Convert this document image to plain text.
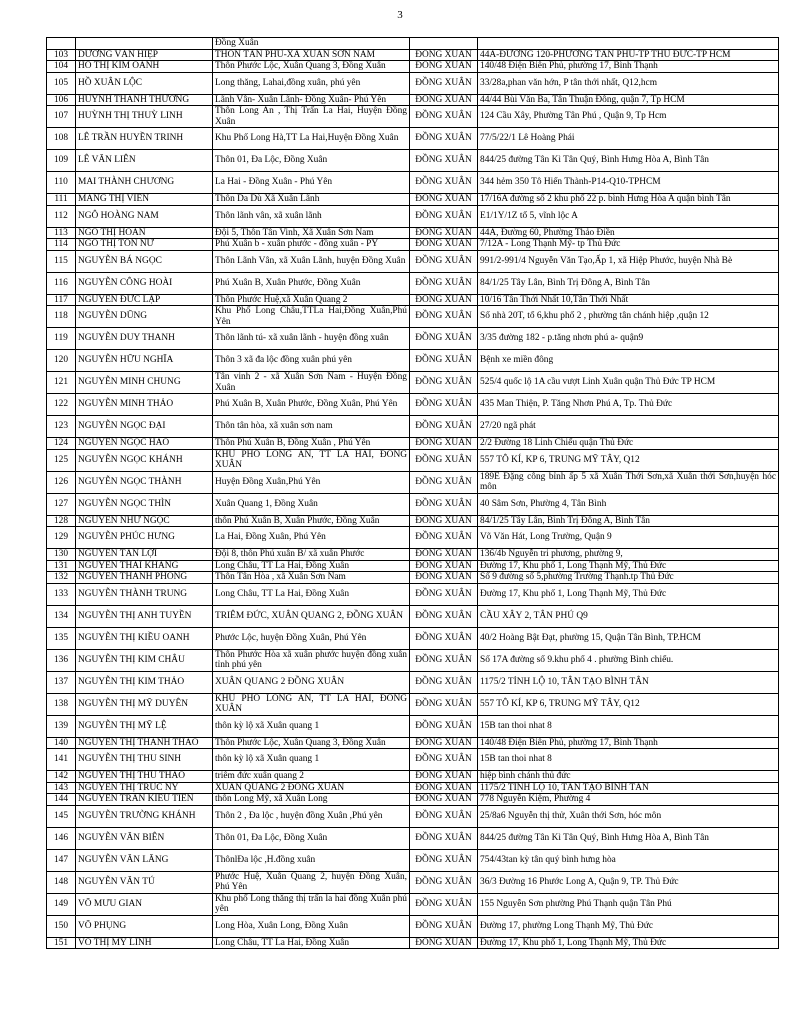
3
		Đồng Xuân		
103	DƯƠNG VĂN HIỆP	THÔN TÂN PHÚ-XÃ XUÂN SƠN NAM	ĐỒNG XUÂN	44A-ĐƯỜNG 120-PHƯỜNG TÂN PHÚ-TP THỦ ĐỨC-TP HCM
104	HỒ THỊ KIM OANH	Thôn Phước Lộc, Xuân Quang 3, Đồng Xuân	ĐỒNG XUÂN	140/48 Điện Biên Phủ, phường 17, Bình Thạnh
105	HỒ XUÂN LỘC	Long thăng, Lahai,đồng xuân, phú yên	ĐỒNG XUÂN	33/28a,phan văn hớn, P tân thới nhất, Q12,hcm
106	HUỲNH THANH THƯƠNG	Lãnh Vân- Xuân Lãnh- Đồng Xuân- Phú Yên	ĐỒNG XUÂN	44/44 Bùi Văn Ba, Tân Thuận Đông, quận 7, Tp HCM
107	HUỲNH THỊ THUỲ LINH	Thôn Long An , Thị Trấn La Hai, Huyện Đồng Xuân	ĐỒNG XUÂN	124 Cầu Xây, Phường Tân Phú , Quận 9, Tp Hcm
108	LÊ TRẦN HUYỀN TRINH	Khu Phố Long Hà,TT La Hai,Huyện Đồng Xuân	ĐỒNG XUÂN	77/5/22/1 Lê Hoàng Phái
109	LÊ VĂN LIÊN	Thôn 01, Đa Lộc, Đồng Xuân	ĐỒNG XUÂN	844/25 đường Tân Kì Tân Quý, Bình Hưng Hòa A, Bình Tân
110	MAI THÀNH CHƯƠNG	La Hai - Đồng Xuân - Phú Yên	ĐỒNG XUÂN	344 hẻm 350 Tô Hiến Thành-P14-Q10-TPHCM
111	MANG THỊ VIÊN	Thôn Da Dù Xã Xuân Lãnh	ĐỒNG XUÂN	17/16A đường số 2 khu phố 22 p. bình Hưng Hòa A quận bình Tân
112	NGÔ HOÀNG NAM	Thôn lãnh vân, xã xuân lãnh	ĐỒNG XUÂN	E1/1Y/1Z tổ 5, vĩnh lộc A
113	NGÔ THỊ HOÀN	Đội 5, Thôn Tân Vinh, Xã Xuân Sơn Nam	ĐỒNG XUÂN	44A, Đường 60, Phường Thảo Điền
114	NGÔ THỊ TỐN NỮ	Phú Xuân b - xuân phước - đồng xuân - PY	ĐỒNG XUÂN	7/12A - Long Thạnh Mỹ- tp Thủ Đức
115	NGUYỄN BÁ NGỌC	Thôn Lãnh Vân, xã Xuân Lãnh, huyện Đồng Xuân	ĐỒNG XUÂN	991/2-991/4 Nguyễn Văn Tạo,Ấp 1, xã Hiệp Phước, huyện Nhà Bè
116	NGUYỄN CÔNG HOÀI	Phú Xuân B, Xuân Phước, Đồng Xuân	ĐỒNG XUÂN	84/1/25 Tây Lân, Bình Trị Đông A, Bình Tân
117	NGUYỄN ĐỨC LẬP	Thôn Phước Huệ,xã Xuân Quang 2	ĐỒNG XUÂN	10/16 Tân Thới Nhất 10,Tân Thới Nhất
118	NGUYỄN DŨNG	Khu Phố Long Châu,TTLa Hai,Đồng Xuân,Phú Yên	ĐỒNG XUÂN	Số nhà 20T, tổ 6,khu phố 2 , phường tân chánh hiệp ,quận 12
119	NGUYỄN DUY THANH	Thôn lãnh tú- xã xuân lãnh - huyện đồng xuân	ĐỒNG XUÂN	3/35 đường 182 - p.tăng nhơn phú a- quận9
120	NGUYỄN HỮU NGHĨA	Thôn 3 xã đa lộc đồng xuân phú yên	ĐỒNG XUÂN	Bệnh xe miền đông
121	NGUYỄN MINH CHUNG	Tân vinh 2 - xã Xuân Sơn Nam - Huyện Đồng Xuân	ĐỒNG XUÂN	525/4 quốc lộ 1A cầu vượt Linh Xuân quận Thủ Đức TP HCM
122	NGUYỄN MINH THẢO	Phú Xuân B, Xuân Phước, Đồng Xuân, Phú Yên	ĐỒNG XUÂN	435 Man Thiện, P. Tăng Nhơn Phú A, Tp. Thủ Đức
123	NGUYỄN NGỌC ĐẠI	Thôn tân hòa, xã xuân sơn nam	ĐỒNG XUÂN	27/20 ngã phát
124	NGUYỄN NGỌC HẢO	Thôn Phú Xuân B, Đồng Xuân , Phú Yên	ĐỒNG XUÂN	2/2 Đường 18 Linh Chiểu quận Thủ Đức
125	NGUYỄN NGỌC KHÁNH	KHU PHỐ LONG AN, TT LA HAI, ĐỒNG XUÂN	ĐỒNG XUÂN	557 TÔ KÍ, KP 6, TRUNG MỸ TÂY, Q12
126	NGUYỄN NGỌC THÀNH	Huyện Đồng Xuân,Phú Yên	ĐỒNG XUÂN	189E Đặng công bỉnh ấp 5 xã Xuân Thới Sơn,xã Xuân thới Sơn,huyện hóc môn
127	NGUYỄN NGỌC THÌN	Xuân Quang 1, Đồng Xuân	ĐỒNG XUÂN	40 Sâm Sơn, Phường 4, Tân Bình
128	NGUYỄN NHƯ NGỌC	thôn Phú Xuân B, Xuân Phước, Đồng Xuân	ĐỒNG XUÂN	84/1/25 Tây Lân, Bình Trị Đông A, Bình Tân
129	NGUYỄN PHÚC HƯNG	La Hai, Đồng Xuân, Phú Yên	ĐỒNG XUÂN	Võ Văn Hát, Long Trường, Quận 9
130	NGUYỄN TẤN LỢI	Đội 8, thôn Phú xuân B/ xã xuân Phước	ĐỒNG XUÂN	136/4b Nguyễn tri phương, phường 9,
131	NGUYỄN THÁI KHANG	Long Châu, TT La Hai, Đồng Xuân	ĐỒNG XUÂN	Đường 17, Khu phố 1, Long Thạnh Mỹ, Thủ Đức
132	NGUYỄN THÀNH PHONG	Thôn Tân Hòa , xã Xuân Sơn Nam	ĐỒNG XUÂN	Số 9 đường số 5,phường Trường Thạnh.tp Thủ Đức
133	NGUYỄN THÀNH TRUNG	Long Châu, TT La Hai, Đồng Xuân	ĐỒNG XUÂN	Đường 17, Khu phố 1, Long Thạnh Mỹ, Thủ Đức
134	NGUYỄN THỊ ANH TUYỀN	TRIÊM ĐỨC, XUÂN QUANG 2, ĐỒNG XUÂN	ĐỒNG XUÂN	CẦU XÂY 2, TÂN PHÚ Q9
135	NGUYỄN THỊ KIỀU OANH	Phước Lộc, huyện Đồng Xuân, Phú Yên	ĐỒNG XUÂN	40/2 Hoàng Bật Đạt, phường 15, Quận Tân Bình, TP.HCM
136	NGUYỄN THỊ KIM CHÂU	Thôn Phước Hòa xã xuân phước huyện đồng xuân tỉnh phú yên	ĐỒNG XUÂN	Số 17A đường số 9.khu phố 4 . phường Bình chiểu.
137	NGUYỄN THỊ KIM THẢO	XUÂN QUANG 2 ĐỒNG XUÂN	ĐỒNG XUÂN	1175/2 TỈNH LỘ 10, TÂN TẠO BÌNH TÂN
138	NGUYỄN THỊ MỸ DUYÊN	KHU PHỐ LONG AN, TT LA HAI, ĐỒNG XUÂN	ĐỒNG XUÂN	557 TÔ KÍ, KP 6, TRUNG MỸ TÂY, Q12
139	NGUYỄN THỊ MỸ LỆ	thôn kỳ lộ xã Xuân quang 1	ĐỒNG XUÂN	15B tan thoi nhat 8
140	NGUYỄN THỊ THANH THẢO	Thôn Phước Lộc, Xuân Quang 3, Đồng Xuân	ĐỒNG XUÂN	140/48 Điện Biên Phủ, phường 17, Bình Thạnh
141	NGUYỄN THỊ THU SINH	thôn kỳ lộ xã Xuân quang 1	ĐỒNG XUÂN	15B tan thoi nhat 8
142	NGUYỄN THỊ THU THẢO	triêm đức xuân quang 2	ĐỒNG XUÂN	hiệp bình chánh thủ đức
143	NGUYỄN THỊ TRÚC NY	XUÂN QUANG 2 ĐỒNG XUÂN	ĐỒNG XUÂN	1175/2 TỈNH LỘ 10, TÂN TẠO BÌNH TÂN
144	NGUYỄN TRẦN KIỀU TIÊN	thôn Long Mỹ, xã Xuân Long	ĐỒNG XUÂN	778 Nguyễn Kiệm, Phường 4
145	NGUYỄN TRƯỜNG KHÁNH	Thôn 2 , Đa lộc , huyện đồng Xuân ,Phú yên	ĐỒNG XUÂN	25/8a6 Nguyễn thị thử, Xuân thới Sơn, hóc môn
146	NGUYỄN VĂN BIÊN	Thôn 01, Đa Lộc, Đồng Xuân	ĐỒNG XUÂN	844/25 đường Tân Kì Tân Quý, Bình Hưng Hòa A, Bình Tân
147	NGUYỄN VĂN LĂNG	ThônlĐa lộc ,H.đồng xuân	ĐỒNG XUÂN	754/43tan kỳ tân quý bình hưng hòa
148	NGUYỄN VĂN TÚ	Phước Huệ, Xuân Quang 2, huyện Đồng Xuân, Phú Yên	ĐỒNG XUÂN	36/3 Đường 16 Phước Long A, Quận 9, TP. Thủ Đức
149	VÕ MƯU GIAN	Khu phố Long thăng thị trấn la hai đồng Xuân phú yên	ĐỒNG XUÂN	155 Nguyễn Sơn phường Phú Thạnh quận Tân Phú
150	VÕ PHỤNG	Long Hòa, Xuân Long, Đồng Xuân	ĐỒNG XUÂN	Đường 17, phường Long Thạnh Mỹ, Thủ Đức
151	VÕ THỊ MỸ LINH	Long Châu, TT La Hai, Đồng Xuân	ĐỒNG XUÂN	Đường 17, Khu phố 1, Long Thạnh Mỹ, Thủ Đức
